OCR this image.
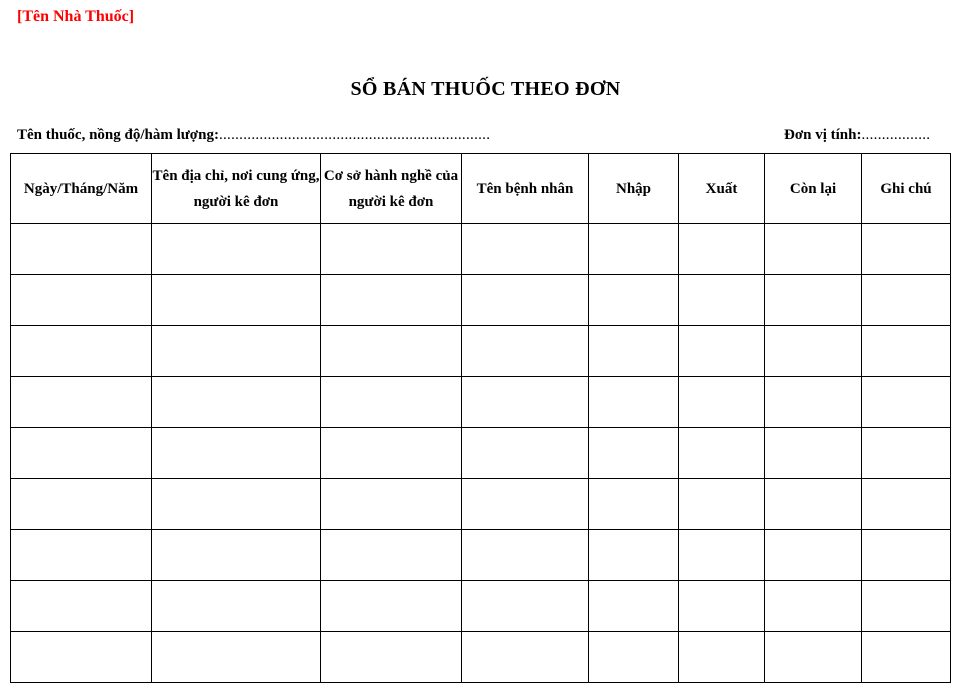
[Tên Nhà Thuốc]
SỔ BÁN THUỐC THEO ĐƠN
Tên thuốc, nồng độ/hàm lượng:...................................................................	Đơn vị tính:.................
Ngày/Tháng/Năm	Tên địa chỉ, nơi cung ứng, người kê đơn	Cơ sở hành nghề của người kê đơn	Tên bệnh nhân	Nhập	Xuất	Còn lại	Ghi chú
